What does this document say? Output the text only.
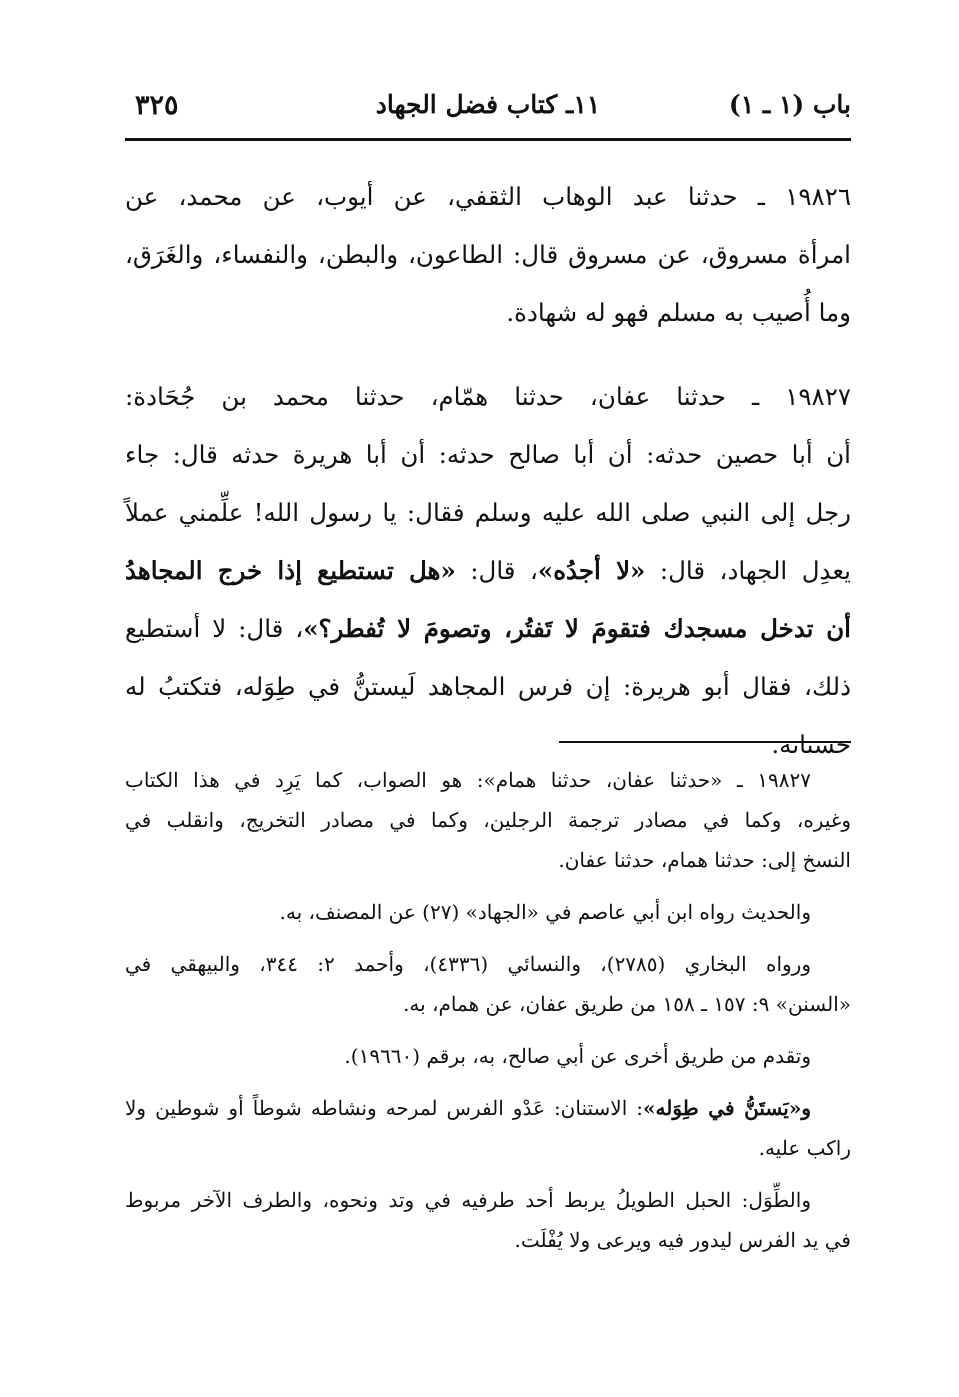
باب (١ ـ ١)
١١ـ كتاب فضل الجهاد
٣٢٥

١٩٨٢٦ ـ حدثنا عبد الوهاب الثقفي، عن أيوب، عن محمد، عن

امرأة مسروق، عن مسروق قال: الطاعون، والبطن، والنفساء، والغَرَق،

وما أُصيب به مسلم فهو له شهادة.

١٩٨٢٧ ـ حدثنا عفان، حدثنا همّام، حدثنا محمد بن جُحَادة:

أن أبا حصين حدثه: أن أبا صالح حدثه: أن أبا هريرة حدثه قال: جاء

رجل إلى النبي صلى الله عليه وسلم فقال: يا رسول الله! علِّمني عملاً

يعدِل الجهاد، قال: «لا أجدُه»، قال: «هل تستطيع إذا خرج المجاهدُ

أن تدخل مسجدك فتقومَ لا تَفتُر، وتصومَ لا تُفطر؟»، قال: لا أستطيع

ذلك، فقال أبو هريرة: إن فرس المجاهد لَيستنُّ في طِوَله، فتكتبُ له

حسناته.

١٩٨٢٧ ـ «حدثنا عفان، حدثنا همام»: هو الصواب، كما يَرِد في هذا الكتاب

وغيره، وكما في مصادر ترجمة الرجلين، وكما في مصادر التخريج، وانقلب في

النسخ إلى: حدثنا همام، حدثنا عفان.

والحديث رواه ابن أبي عاصم في «الجهاد» (٢٧) عن المصنف، به.

ورواه البخاري (٢٧٨٥)، والنسائي (٤٣٣٦)، وأحمد ٢: ٣٤٤، والبيهقي في

«السنن» ٩: ١٥٧ ـ ١٥٨ من طريق عفان، عن همام، به.

وتقدم من طريق أخرى عن أبي صالح، به، برقم (١٩٦٦٠).

و«يَستَنُّ في طِوَله»: الاستنان: عَدْو الفرس لمرحه ونشاطه شوطاً أو شوطين ولا

راكب عليه.

والطِّوَل: الحبل الطويلُ يربط أحد طرفيه في وتد ونحوه، والطرف الآخر مربوط

في يد الفرس ليدور فيه ويرعى ولا يُفْلَت.
